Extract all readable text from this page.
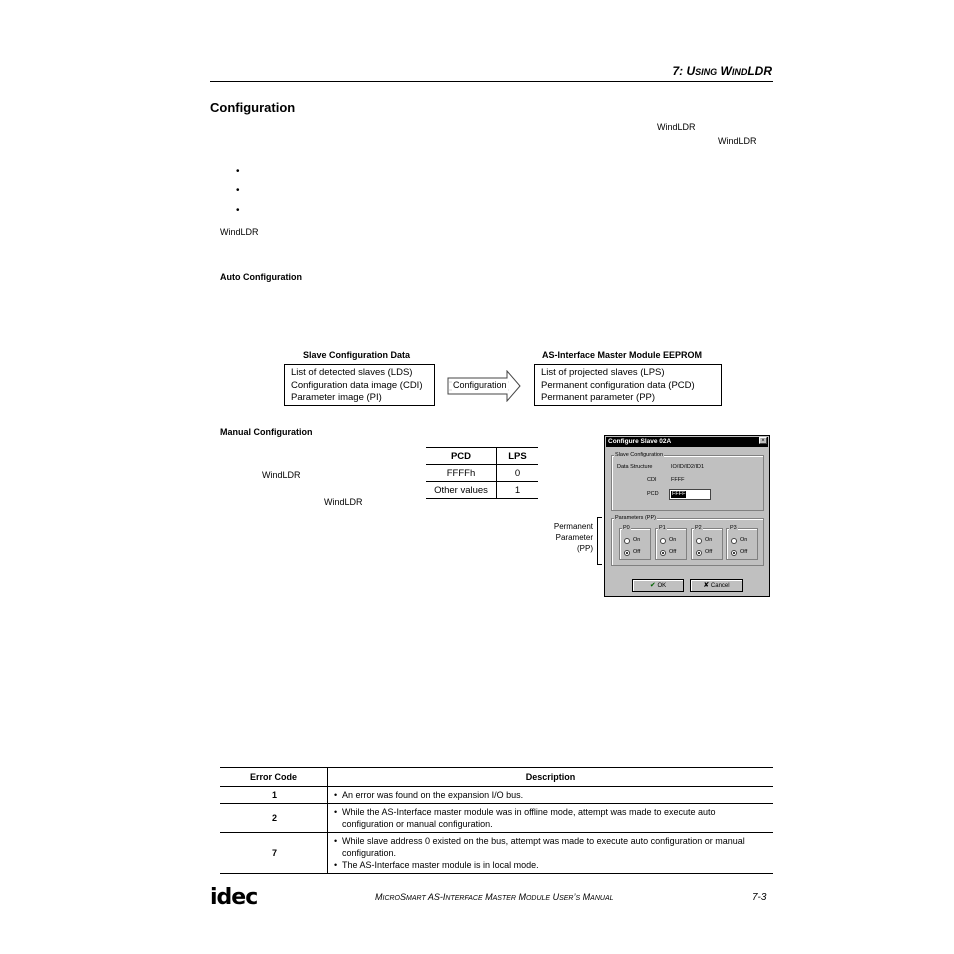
7: USING WINDLDR
Configuration
WindLDR
WindLDR
•
•
•
WindLDR
Auto Configuration
Slave Configuration Data
List of detected slaves (LDS)
Configuration data image (CDI)
Parameter image (PI)
Configuration
AS-Interface Master Module EEPROM
List of projected slaves (LPS)
Permanent configuration data (PCD)
Permanent parameter (PP)
Manual Configuration
WindLDR
WindLDR
PCD	LPS
FFFFh	0
Other values	1
Permanent
Parameter
(PP)
Configure Slave 02A	×
Slave Configuration
Data Structure	IO/ID/ID2/ID1
CDI	FFFF
PCD FFFF
Parameters (PP)
P0
On
Off
P1
On
Off
P2
On
Off
P3
On
Off
✔ OK	✘ Cancel
Error Code	Description
1	• An error was found on the expansion I/O bus.

2	• While the AS-Interface master module was in offline mode, attempt was made to execute auto configuration or manual configuration.

7	• While slave address 0 existed on the bus, attempt was made to execute auto configuration or manual configuration.
• The AS-Interface master module is in local mode.
idec	MICROSMART AS-INTERFACE MASTER MODULE USER’S MANUAL	7-3
